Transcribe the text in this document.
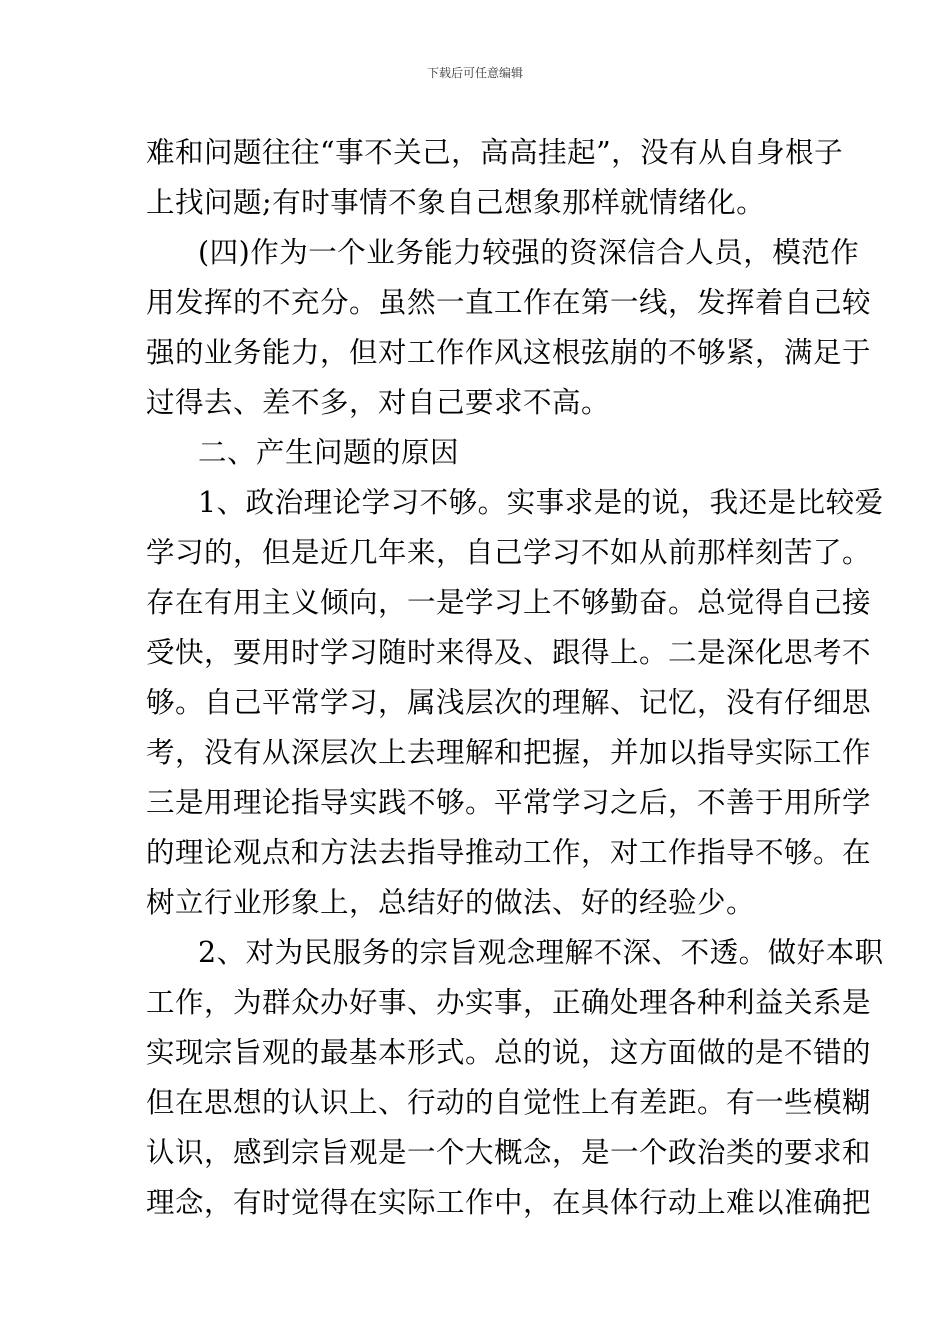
下载后可任意编辑
难和问题往往“事不关己，高高挂起”，没有从自身根子
上找问题;有时事情不象自己想象那样就情绪化。
(四)作为一个业务能力较强的资深信合人员，模范作
用发挥的不充分。虽然一直工作在第一线，发挥着自己较
强的业务能力，但对工作作风这根弦崩的不够紧，满足于
过得去、差不多，对自己要求不高。
二、产生问题的原因
1、政治理论学习不够。实事求是的说，我还是比较爱
学习的，但是近几年来，自己学习不如从前那样刻苦了。
存在有用主义倾向，一是学习上不够勤奋。总觉得自己接
受快，要用时学习随时来得及、跟得上。二是深化思考不
够。自己平常学习，属浅层次的理解、记忆，没有仔细思
考，没有从深层次上去理解和把握，并加以指导实际工作
三是用理论指导实践不够。平常学习之后，不善于用所学
的理论观点和方法去指导推动工作，对工作指导不够。在
树立行业形象上，总结好的做法、好的经验少。
2、对为民服务的宗旨观念理解不深、不透。做好本职
工作，为群众办好事、办实事，正确处理各种利益关系是
实现宗旨观的最基本形式。总的说，这方面做的是不错的
但在思想的认识上、行动的自觉性上有差距。有一些模糊
认识，感到宗旨观是一个大概念，是一个政治类的要求和
理念，有时觉得在实际工作中，在具体行动上难以准确把
